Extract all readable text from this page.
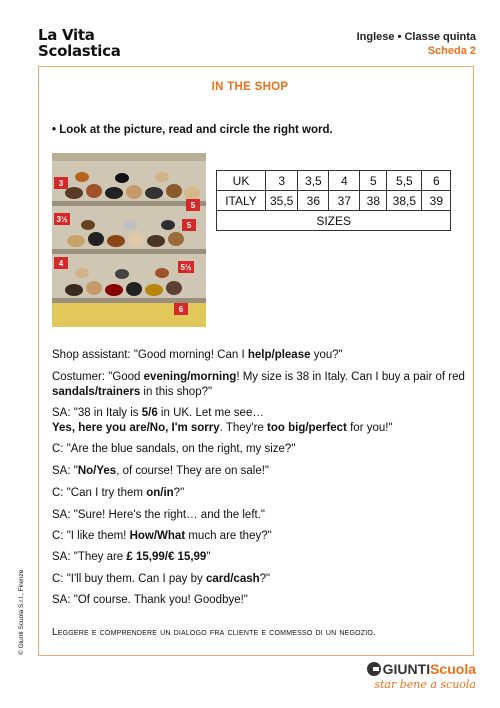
La Vita
Scolastica
Inglese • Classe quinta
Scheda 2
IN THE SHOP
• Look at the picture, read and circle the right word.
3
5
3½
5
4	5½
6
UK	3	3,5	4	5	5,5	6
ITALY	35,5	36	37	38	38,5	39
SIZES						
Shop assistant: "Good morning! Can I help/please you?"
Costumer: "Good evening/morning! My size is 38 in Italy. Can I buy a pair of red sandals/trainers in this shop?"
SA: "38 in Italy is 5/6 in UK. Let me see…
Yes, here you are/No, I'm sorry. They're too big/perfect for you!"
C: "Are the blue sandals, on the right, my size?"
SA: "No/Yes, of course! They are on sale!"
C: "Can I try them on/in?"
SA: "Sure! Here's the right… and the left."
C: "I like them! How/What much are they?"
SA: "They are £ 15,99/€ 15,99"
C: "I'll buy them. Can I pay by card/cash?"
SA: "Of course. Thank you! Goodbye!"
Leggere e comprendere un dialogo fra cliente e commesso di un negozio.
© Giunti Scuola S.r.l., Firenze
GIUNTIScuola
star bene a scuola
